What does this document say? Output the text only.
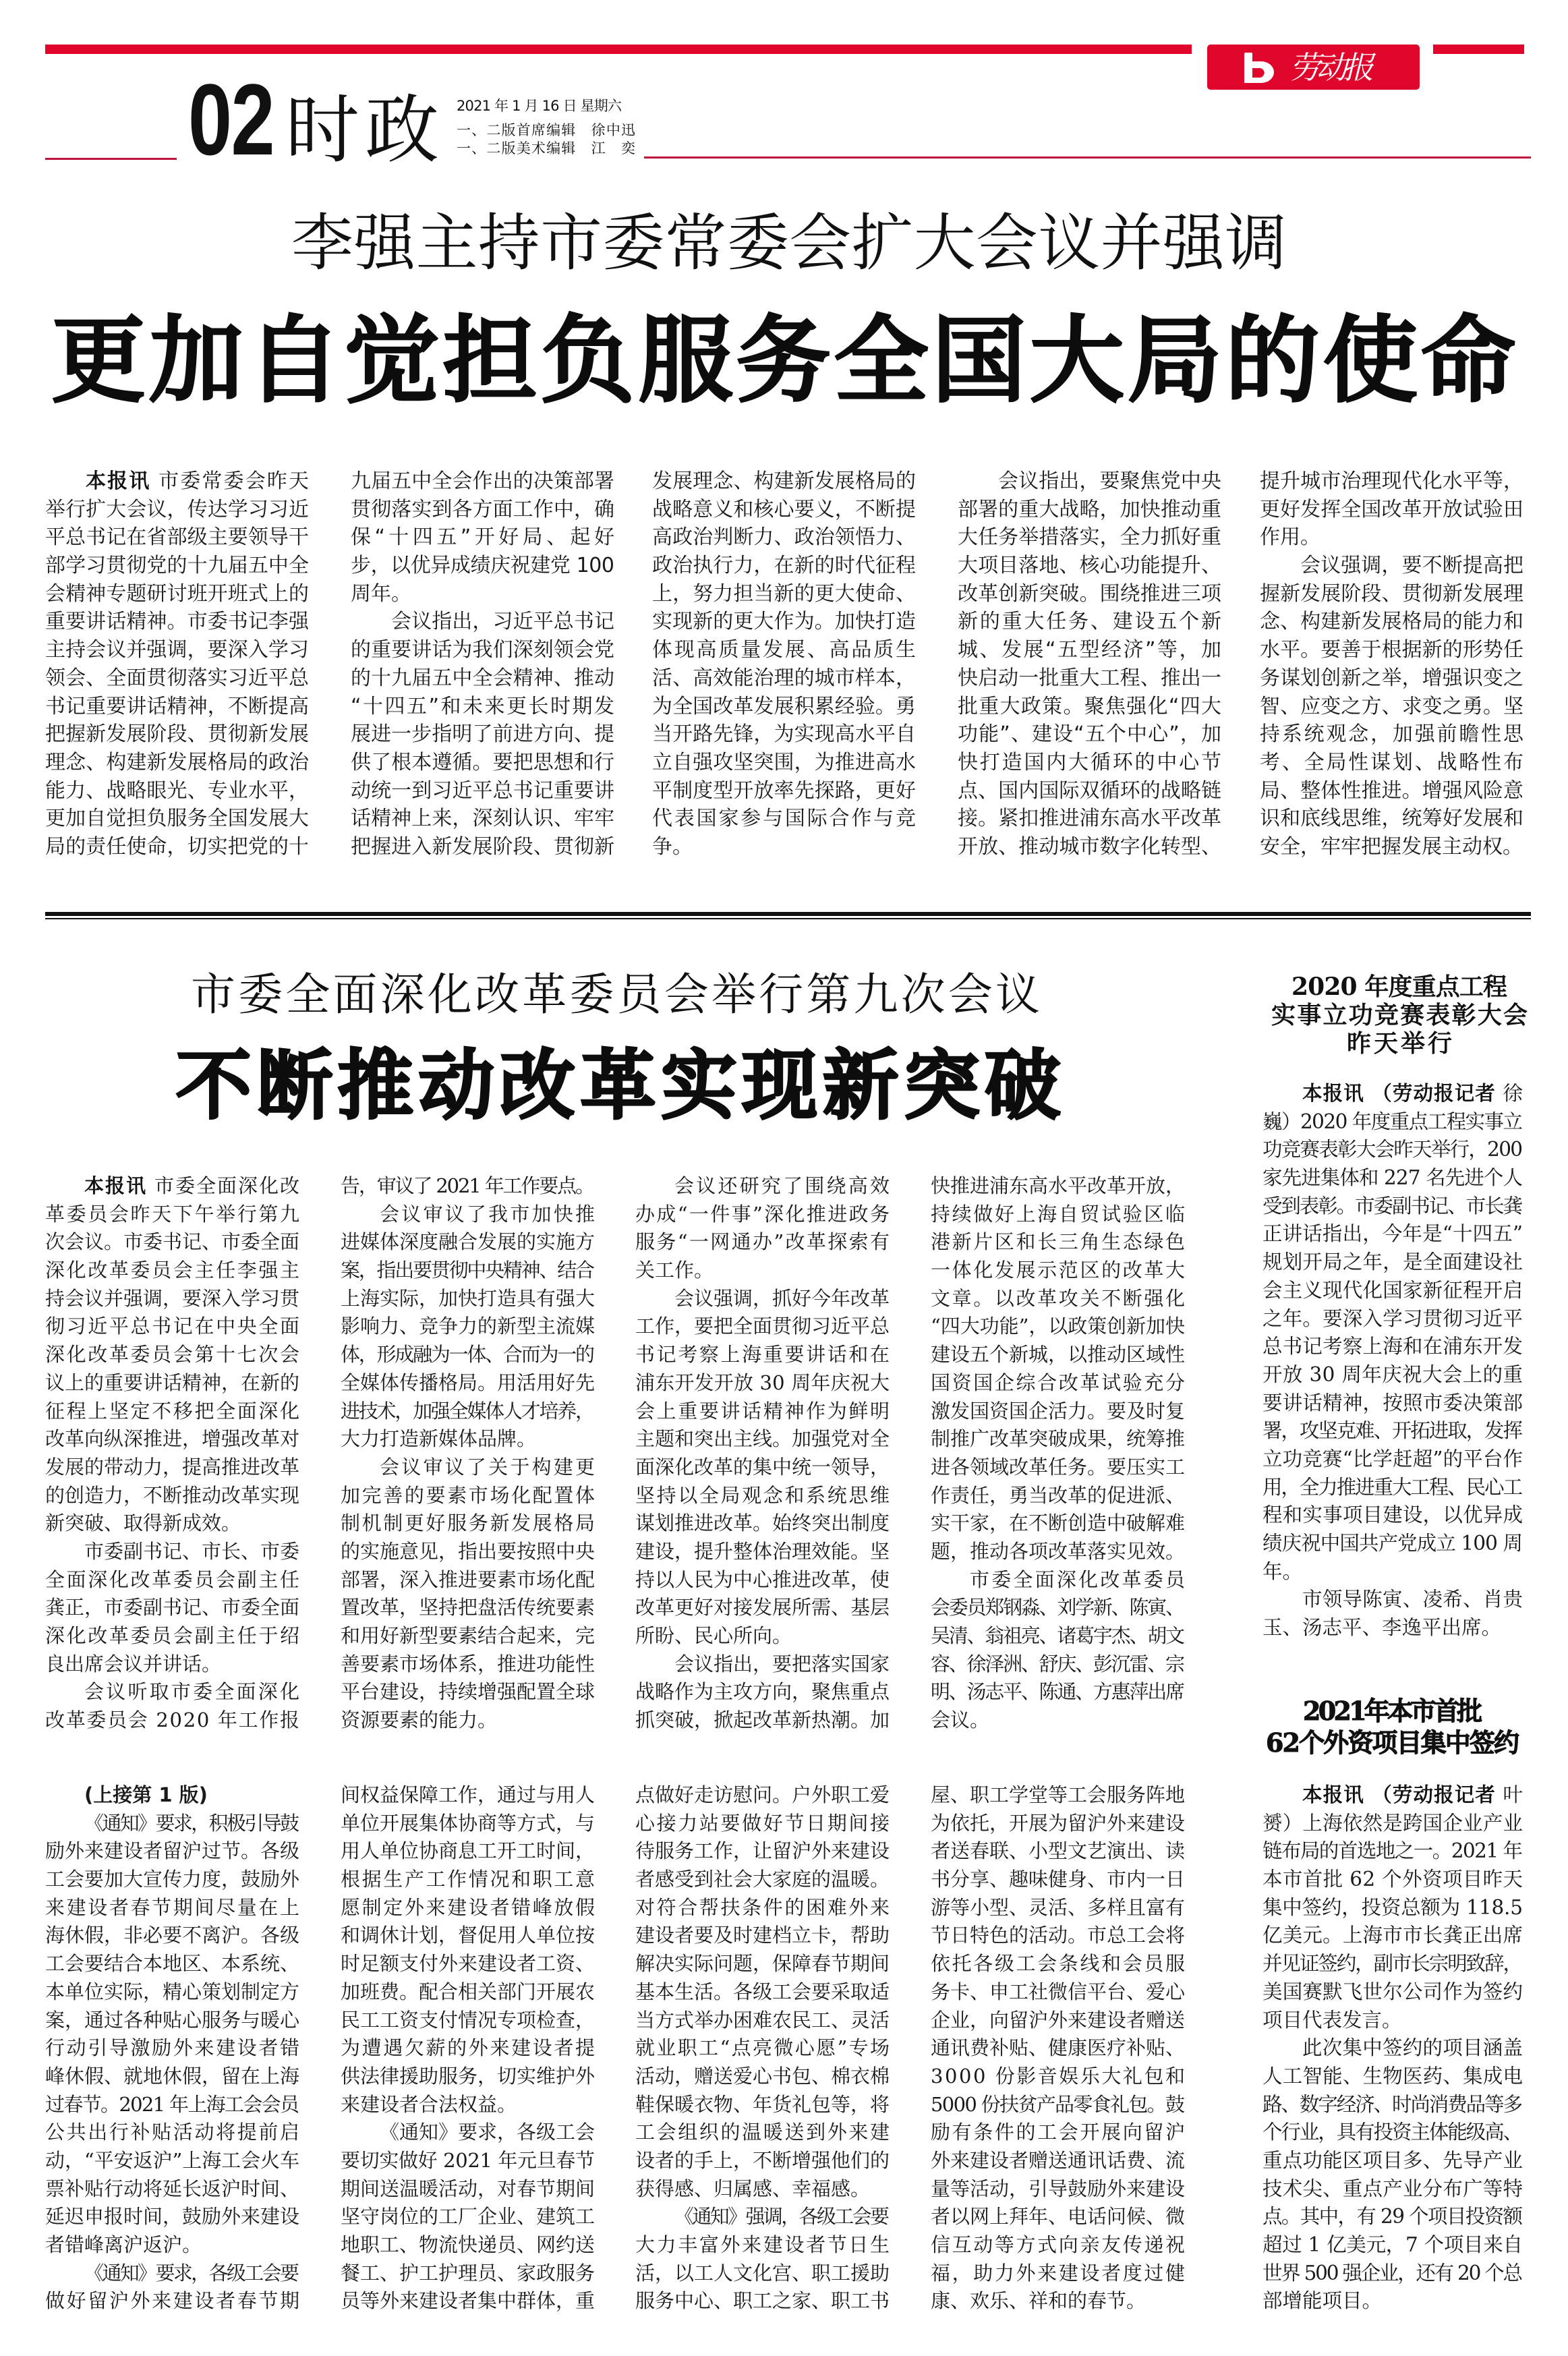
劳动报
02 时政 2021 年 1 月 16 日 星期六
一、二版首席编辑　徐中迅
一、二版美术编辑　江　奕
李强主持市委常委会扩大会议并强调
更加自觉担负服务全国大局的使命
本报讯 市委常委会昨天
举行扩大会议，传达学习习近
平总书记在省部级主要领导干
部学习贯彻党的十九届五中全
会精神专题研讨班开班式上的
重要讲话精神。市委书记李强
主持会议并强调，要深入学习
领会、全面贯彻落实习近平总
书记重要讲话精神，不断提高
把握新发展阶段、贯彻新发展
理念、构建新发展格局的政治
能力、战略眼光、专业水平，
更加自觉担负服务全国发展大
局的责任使命，切实把党的十
九届五中全会作出的决策部署
贯彻落实到各方面工作中，确
保“十四五”开好局、起好
步，以优异成绩庆祝建党 100
周年。
会议指出，习近平总书记
的重要讲话为我们深刻领会党
的十九届五中全会精神、推动
“十四五”和未来更长时期发
展进一步指明了前进方向、提
供了根本遵循。要把思想和行
动统一到习近平总书记重要讲
话精神上来，深刻认识、牢牢
把握进入新发展阶段、贯彻新
发展理念、构建新发展格局的
战略意义和核心要义，不断提
高政治判断力、政治领悟力、
政治执行力，在新的时代征程
上，努力担当新的更大使命、
实现新的更大作为。加快打造
体现高质量发展、高品质生
活、高效能治理的城市样本，
为全国改革发展积累经验。勇
当开路先锋，为实现高水平自
立自强攻坚突围，为推进高水
平制度型开放率先探路，更好
代表国家参与国际合作与竞
争。
会议指出，要聚焦党中央
部署的重大战略，加快推动重
大任务举措落实，全力抓好重
大项目落地、核心功能提升、
改革创新突破。围绕推进三项
新的重大任务、建设五个新
城、发展“五型经济”等，加
快启动一批重大工程、推出一
批重大政策。聚焦强化“四大
功能”、建设“五个中心”，加
快打造国内大循环的中心节
点、国内国际双循环的战略链
接。紧扣推进浦东高水平改革
开放、推动城市数字化转型、
提升城市治理现代化水平等，
更好发挥全国改革开放试验田
作用。
会议强调，要不断提高把
握新发展阶段、贯彻新发展理
念、构建新发展格局的能力和
水平。要善于根据新的形势任
务谋划创新之举，增强识变之
智、应变之方、求变之勇。坚
持系统观念，加强前瞻性思
考、全局性谋划、战略性布
局、整体性推进。增强风险意
识和底线思维，统筹好发展和
安全，牢牢把握发展主动权。
市委全面深化改革委员会举行第九次会议
不断推动改革实现新突破
本报讯 市委全面深化改
革委员会昨天下午举行第九
次会议。市委书记、市委全面
深化改革委员会主任李强主
持会议并强调，要深入学习贯
彻习近平总书记在中央全面
深化改革委员会第十七次会
议上的重要讲话精神，在新的
征程上坚定不移把全面深化
改革向纵深推进，增强改革对
发展的带动力，提高推进改革
的创造力，不断推动改革实现
新突破、取得新成效。
市委副书记、市长、市委
全面深化改革委员会副主任
龚正，市委副书记、市委全面
深化改革委员会副主任于绍
良出席会议并讲话。
会议听取市委全面深化
改革委员会 2020 年工作报
告，审议了 2021 年工作要点。
会议审议了我市加快推
进媒体深度融合发展的实施方
案，指出要贯彻中央精神、结合
上海实际，加快打造具有强大
影响力、竞争力的新型主流媒
体，形成融为一体、合而为一的
全媒体传播格局。用活用好先
进技术，加强全媒体人才培养，
大力打造新媒体品牌。
会议审议了关于构建更
加完善的要素市场化配置体
制机制更好服务新发展格局
的实施意见，指出要按照中央
部署，深入推进要素市场化配
置改革，坚持把盘活传统要素
和用好新型要素结合起来，完
善要素市场体系，推进功能性
平台建设，持续增强配置全球
资源要素的能力。
会议还研究了围绕高效
办成“一件事”深化推进政务
服务“一网通办”改革探索有
关工作。
会议强调，抓好今年改革
工作，要把全面贯彻习近平总
书记考察上海重要讲话和在
浦东开发开放 30 周年庆祝大
会上重要讲话精神作为鲜明
主题和突出主线。加强党对全
面深化改革的集中统一领导，
坚持以全局观念和系统思维
谋划推进改革。始终突出制度
建设，提升整体治理效能。坚
持以人民为中心推进改革，使
改革更好对接发展所需、基层
所盼、民心所向。
会议指出，要把落实国家
战略作为主攻方向，聚焦重点
抓突破，掀起改革新热潮。加
快推进浦东高水平改革开放，
持续做好上海自贸试验区临
港新片区和长三角生态绿色
一体化发展示范区的改革大
文章。以改革攻关不断强化
“四大功能”，以政策创新加快
建设五个新城，以推动区域性
国资国企综合改革试验充分
激发国资国企活力。要及时复
制推广改革突破成果，统筹推
进各领域改革任务。要压实工
作责任，勇当改革的促进派、
实干家，在不断创造中破解难
题，推动各项改革落实见效。
市委全面深化改革委员
会委员郑钢淼、刘学新、陈寅、
吴清、翁祖亮、诸葛宇杰、胡文
容、徐泽洲、舒庆、彭沉雷、宗
明、汤志平、陈通、方惠萍出席
会议。
2020 年度重点工程
实事立功竞赛表彰大会
昨天举行
本报讯 （劳动报记者 徐
巍）2020 年度重点工程实事立
功竞赛表彰大会昨天举行，200
家先进集体和 227 名先进个人
受到表彰。市委副书记、市长龚
正讲话指出，今年是“十四五”
规划开局之年，是全面建设社
会主义现代化国家新征程开启
之年。要深入学习贯彻习近平
总书记考察上海和在浦东开发
开放 30 周年庆祝大会上的重
要讲话精神，按照市委决策部
署，攻坚克难、开拓进取，发挥
立功竞赛“比学赶超”的平台作
用，全力推进重大工程、民心工
程和实事项目建设，以优异成
绩庆祝中国共产党成立 100 周
年。
市领导陈寅、凌希、肖贵
玉、汤志平、李逸平出席。
2021年本市首批
62个外资项目集中签约
本报讯 （劳动报记者 叶
赟）上海依然是跨国企业产业
链布局的首选地之一。2021 年
本市首批 62 个外资项目昨天
集中签约，投资总额为 118.5
亿美元。上海市市长龚正出席
并见证签约，副市长宗明致辞，
美国赛默飞世尔公司作为签约
项目代表发言。
此次集中签约的项目涵盖
人工智能、生物医药、集成电
路、数字经济、时尚消费品等多
个行业，具有投资主体能级高、
重点功能区项目多、先导产业
技术尖、重点产业分布广等特
点。其中，有 29 个项目投资额
超过 1 亿美元，7 个项目来自
世界 500 强企业，还有 20 个总
部增能项目。
(上接第 1 版)
《通知》要求，积极引导鼓
励外来建设者留沪过节。各级
工会要加大宣传力度，鼓励外
来建设者春节期间尽量在上
海休假，非必要不离沪。各级
工会要结合本地区、本系统、
本单位实际，精心策划制定方
案，通过各种贴心服务与暖心
行动引导激励外来建设者错
峰休假、就地休假，留在上海
过春节。2021 年上海工会会员
公共出行补贴活动将提前启
动，“平安返沪”上海工会火车
票补贴行动将延长返沪时间、
延迟申报时间，鼓励外来建设
者错峰离沪返沪。
《通知》要求，各级工会要
做好留沪外来建设者春节期
间权益保障工作，通过与用人
单位开展集体协商等方式，与
用人单位协商息工开工时间，
根据生产工作情况和职工意
愿制定外来建设者错峰放假
和调休计划，督促用人单位按
时足额支付外来建设者工资、
加班费。配合相关部门开展农
民工工资支付情况专项检查，
为遭遇欠薪的外来建设者提
供法律援助服务，切实维护外
来建设者合法权益。
《通知》要求，各级工会
要切实做好 2021 年元旦春节
期间送温暖活动，对春节期间
坚守岗位的工厂企业、建筑工
地职工、物流快递员、网约送
餐工、护工护理员、家政服务
员等外来建设者集中群体，重
点做好走访慰问。户外职工爱
心接力站要做好节日期间接
待服务工作，让留沪外来建设
者感受到社会大家庭的温暖。
对符合帮扶条件的困难外来
建设者要及时建档立卡，帮助
解决实际问题，保障春节期间
基本生活。各级工会要采取适
当方式举办困难农民工、灵活
就业职工“点亮微心愿”专场
活动，赠送爱心书包、棉衣棉
鞋保暖衣物、年货礼包等，将
工会组织的温暖送到外来建
设者的手上，不断增强他们的
获得感、归属感、幸福感。
《通知》强调，各级工会要
大力丰富外来建设者节日生
活，以工人文化宫、职工援助
服务中心、职工之家、职工书
屋、职工学堂等工会服务阵地
为依托，开展为留沪外来建设
者送春联、小型文艺演出、读
书分享、趣味健身、市内一日
游等小型、灵活、多样且富有
节日特色的活动。市总工会将
依托各级工会条线和会员服
务卡、申工社微信平台、爱心
企业，向留沪外来建设者赠送
通讯费补贴、健康医疗补贴、
3000 份影音娱乐大礼包和
5000 份扶贫产品零食礼包。鼓
励有条件的工会开展向留沪
外来建设者赠送通讯话费、流
量等活动，引导鼓励外来建设
者以网上拜年、电话问候、微
信互动等方式向亲友传递祝
福，助力外来建设者度过健
康、欢乐、祥和的春节。
